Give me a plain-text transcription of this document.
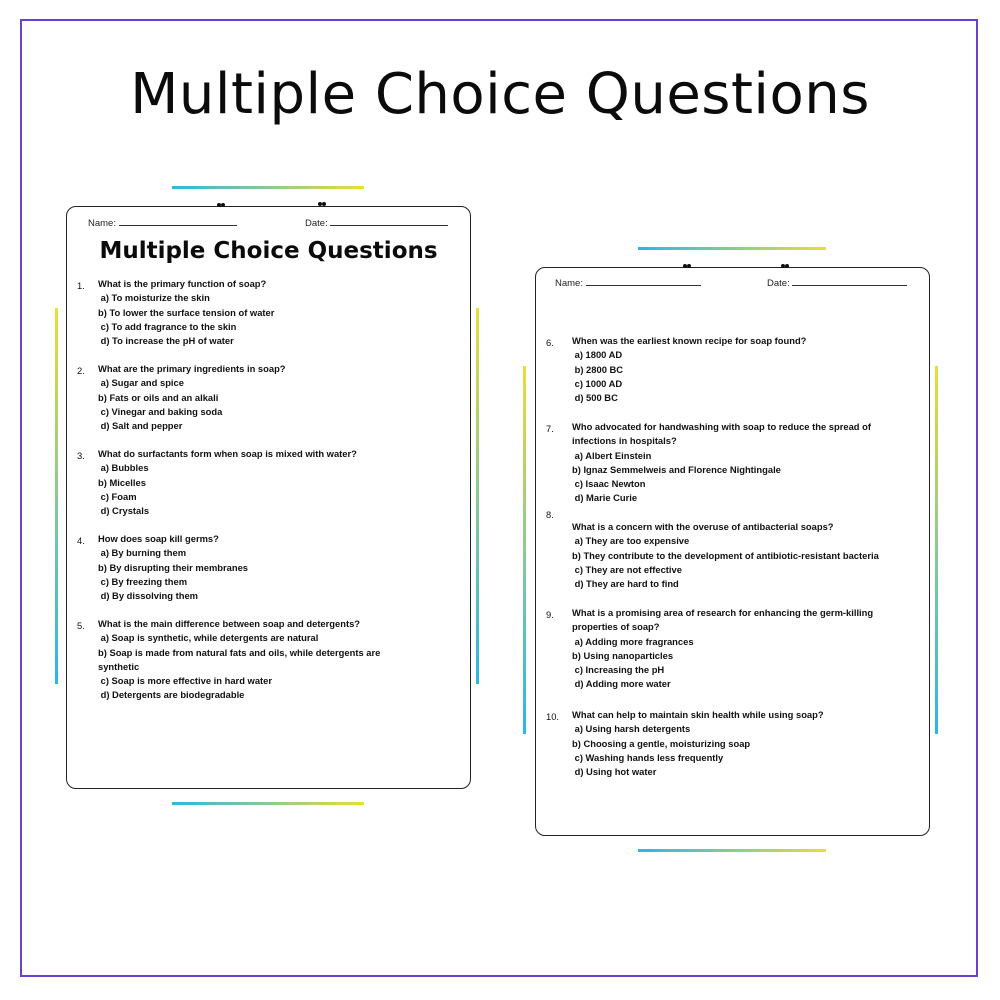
Multiple Choice Questions
Name:	Date:
Multiple Choice Questions
1. What is the primary function of soap?
a) To moisturize the skin
b) To lower the surface tension of water
c) To add fragrance to the skin
d) To increase the pH of water
2. What are the primary ingredients in soap?
a) Sugar and spice
b) Fats or oils and an alkali
c) Vinegar and baking soda
d) Salt and pepper
3. What do surfactants form when soap is mixed with water?
a) Bubbles
b) Micelles
c) Foam
d) Crystals
4. How does soap kill germs?
a) By burning them
b) By disrupting their membranes
c) By freezing them
d) By dissolving them
5. What is the main difference between soap and detergents?
a) Soap is synthetic, while detergents are natural
b) Soap is made from natural fats and oils, while detergents are
synthetic
c) Soap is more effective in hard water
d) Detergents are biodegradable
Name:	Date:
6. When was the earliest known recipe for soap found?
a) 1800 AD
b) 2800 BC
c) 1000 AD
d) 500 BC
7. Who advocated for handwashing with soap to reduce the spread of
infections in hospitals?
a) Albert Einstein
b) Ignaz Semmelweis and Florence Nightingale
c) Isaac Newton
d) Marie Curie
8.
What is a concern with the overuse of antibacterial soaps?
a) They are too expensive
b) They contribute to the development of antibiotic-resistant bacteria
c) They are not effective
d) They are hard to find
9. What is a promising area of research for enhancing the germ-killing
properties of soap?
a) Adding more fragrances
b) Using nanoparticles
c) Increasing the pH
d) Adding more water
10. What can help to maintain skin health while using soap?
a) Using harsh detergents
b) Choosing a gentle, moisturizing soap
c) Washing hands less frequently
d) Using hot water
